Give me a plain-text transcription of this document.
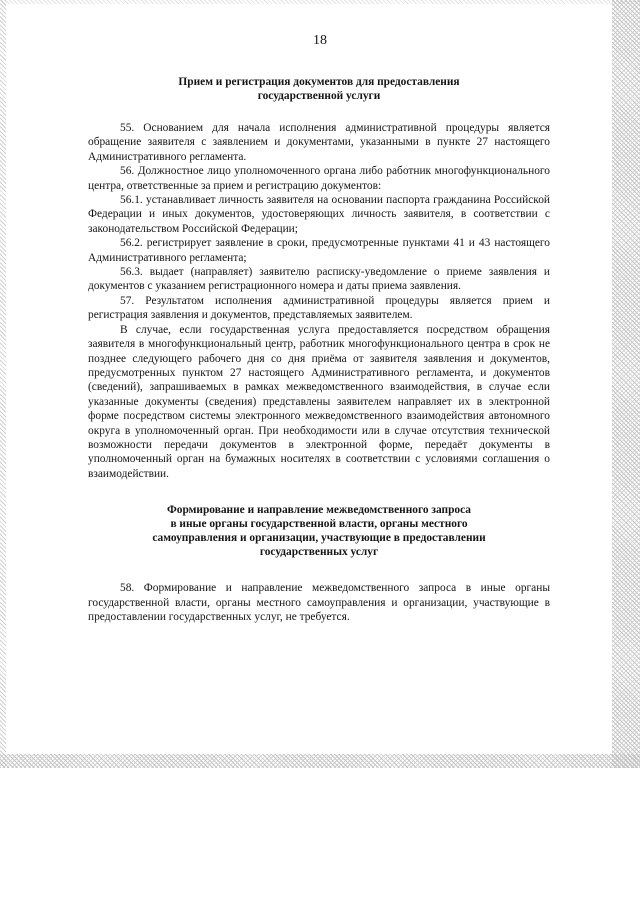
18

Прием и регистрация документов для предоставления
государственной услуги

55. Основанием для начала исполнения административной процедуры является обращение заявителя с заявлением и документами, указанными в пункте 27 настоящего Административного регламента.

56. Должностное лицо уполномоченного органа либо работник многофункционального центра, ответственные за прием и регистрацию документов:

56.1. устанавливает личность заявителя на основании паспорта гражданина Российской Федерации и иных документов, удостоверяющих личность заявителя, в соответствии с законодательством Российской Федерации;

56.2. регистрирует заявление в сроки, предусмотренные пунктами 41 и 43 настоящего Административного регламента;

56.3. выдает (направляет) заявителю расписку-уведомление о приеме заявления и документов с указанием регистрационного номера и даты приема заявления.

57. Результатом исполнения административной процедуры является прием и регистрация заявления и документов, представляемых заявителем.

В случае, если государственная услуга предоставляется посредством обращения заявителя в многофункциональный центр, работник многофункционального центра в срок не позднее следующего рабочего дня со дня приёма от заявителя заявления и документов, предусмотренных пунктом 27 настоящего Административного регламента, и документов (сведений), запрашиваемых в рамках межведомственного взаимодействия, в случае если указанные документы (сведения) представлены заявителем направляет их в электронной форме посредством системы электронного межведомственного взаимодействия автономного округа в уполномоченный орган. При необходимости или в случае отсутствия технической возможности передачи документов в электронной форме, передаёт документы в уполномоченный орган на бумажных носителях в соответствии с условиями соглашения о взаимодействии.

Формирование и направление межведомственного запроса
в иные органы государственной власти, органы местного
самоуправления и организации, участвующие в предоставлении
государственных услуг

58. Формирование и направление межведомственного запроса в иные органы государственной власти, органы местного самоуправления и организации, участвующие в предоставлении государственных услуг, не требуется.
